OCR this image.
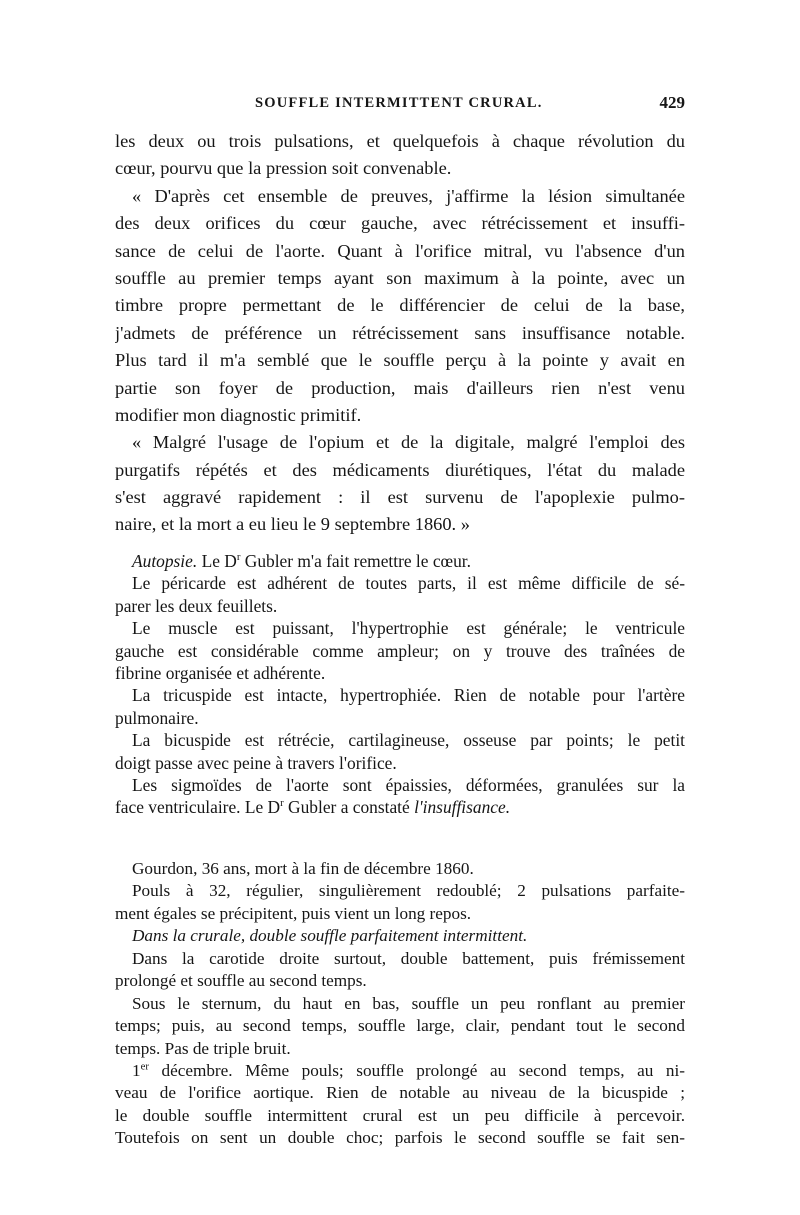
SOUFFLE INTERMITTENT CRURAL.	429
les deux ou trois pulsations, et quelquefois à chaque révolution du
cœur, pourvu que la pression soit convenable.
« D'après cet ensemble de preuves, j'affirme la lésion simultanée
des deux orifices du cœur gauche, avec rétrécissement et insuffi-
sance de celui de l'aorte. Quant à l'orifice mitral, vu l'absence d'un
souffle au premier temps ayant son maximum à la pointe, avec un
timbre propre permettant de le différencier de celui de la base,
j'admets de préférence un rétrécissement sans insuffisance notable.
Plus tard il m'a semblé que le souffle perçu à la pointe y avait en
partie son foyer de production, mais d'ailleurs rien n'est venu
modifier mon diagnostic primitif.
« Malgré l'usage de l'opium et de la digitale, malgré l'emploi des
purgatifs répétés et des médicaments diurétiques, l'état du malade
s'est aggravé rapidement : il est survenu de l'apoplexie pulmo-
naire, et la mort a eu lieu le 9 septembre 1860. »
Autopsie. Le $D^r$ Gubler m'a fait remettre le cœur.
Le péricarde est adhérent de toutes parts, il est même difficile de sé-
parer les deux feuillets.
Le muscle est puissant, l'hypertrophie est générale; le ventricule
gauche est considérable comme ampleur; on y trouve des traînées de
fibrine organisée et adhérente.
La tricuspide est intacte, hypertrophiée. Rien de notable pour l'artère
pulmonaire.
La bicuspide est rétrécie, cartilagineuse, osseuse par points; le petit
doigt passe avec peine à travers l'orifice.
Les sigmoïdes de l'aorte sont épaissies, déformées, granulées sur la
face ventriculaire. Le $D^r$ Gubler a constaté l'insuffisance.
Gourdon, 36 ans, mort à la fin de décembre 1860.
Pouls à 32, régulier, singulièrement redoublé; 2 pulsations parfaite-
ment égales se précipitent, puis vient un long repos.
Dans la crurale, double souffle parfaitement intermittent.
Dans la carotide droite surtout, double battement, puis frémissement
prolongé et souffle au second temps.
Sous le sternum, du haut en bas, souffle un peu ronflant au premier
temps; puis, au second temps, souffle large, clair, pendant tout le second
temps. Pas de triple bruit.
1er décembre. Même pouls; souffle prolongé au second temps, au ni-
veau de l'orifice aortique. Rien de notable au niveau de la bicuspide ;
le double souffle intermittent crural est un peu difficile à percevoir.
Toutefois on sent un double choc; parfois le second souffle se fait sen-
